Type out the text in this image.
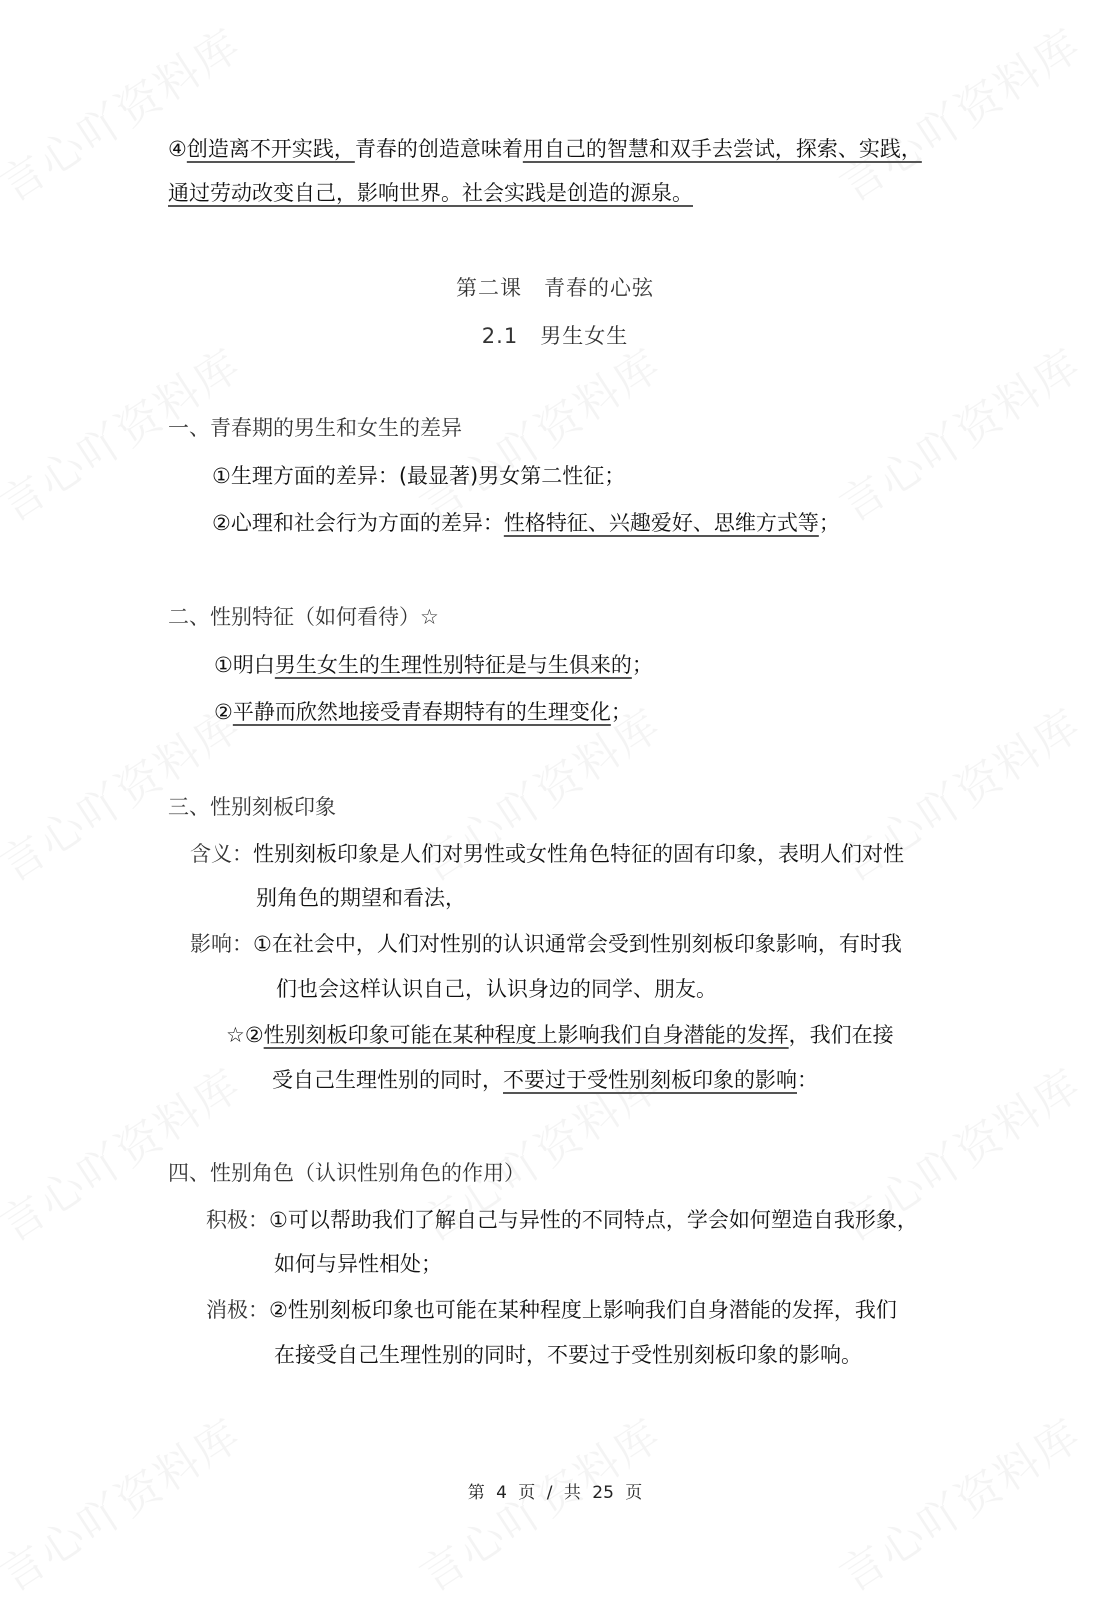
④创造离不开实践，青春的创造意味着用自己的智慧和双手去尝试，探索、实践，
通过劳动改变自己，影响世界。社会实践是创造的源泉。
第二课　青春的心弦
2.1　男生女生
一、青春期的男生和女生的差异
①生理方面的差异：(最显著)男女第二性征；
②心理和社会行为方面的差异：性格特征、兴趣爱好、思维方式等；
二、性别特征（如何看待）☆
①明白男生女生的生理性别特征是与生俱来的；
②平静而欣然地接受青春期特有的生理变化；
三、性别刻板印象
含义：性别刻板印象是人们对男性或女性角色特征的固有印象，表明人们对性
别角色的期望和看法，
影响：①在社会中，人们对性别的认识通常会受到性别刻板印象影响，有时我
们也会这样认识自己，认识身边的同学、朋友。
☆②性别刻板印象可能在某种程度上影响我们自身潜能的发挥，我们在接
受自己生理性别的同时，不要过于受性别刻板印象的影响：
四、性别角色（认识性别角色的作用）
积极：①可以帮助我们了解自己与异性的不同特点，学会如何塑造自我形象，
如何与异性相处；
消极：②性别刻板印象也可能在某种程度上影响我们自身潜能的发挥，我们
在接受自己生理性别的同时，不要过于受性别刻板印象的影响。
第 4 页 / 共 25 页
